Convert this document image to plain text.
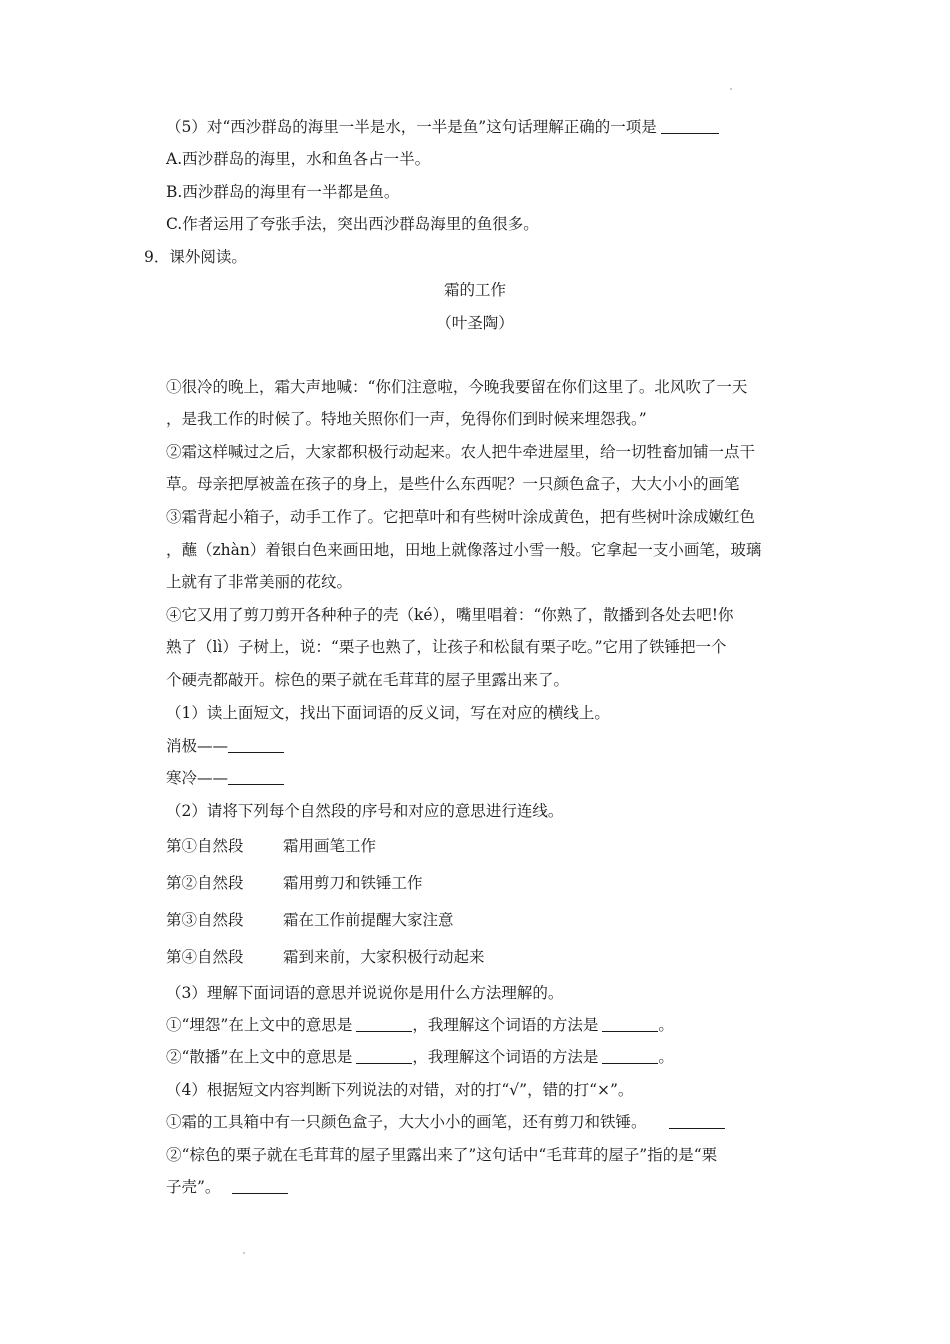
（5）对“西沙群岛的海里一半是水，一半是鱼”这句话理解正确的一项是
A.西沙群岛的海里，水和鱼各占一半。
B.西沙群岛的海里有一半都是鱼。
C.作者运用了夸张手法，突出西沙群岛海里的鱼很多。
9．课外阅读。
霜的工作
（叶圣陶）
①很冷的晚上，霜大声地喊：“你们注意啦，今晚我要留在你们这里了。北风吹了一天
，是我工作的时候了。特地关照你们一声，免得你们到时候来埋怨我。”
②霜这样喊过之后，大家都积极行动起来。农人把牛牵进屋里，给一切牲畜加铺一点干
草。母亲把厚被盖在孩子的身上，是些什么东西呢？一只颜色盒子，大大小小的画笔
③霜背起小箱子，动手工作了。它把草叶和有些树叶涂成黄色，把有些树叶涂成嫩红色
，蘸（zhàn）着银白色来画田地，田地上就像落过小雪一般。它拿起一支小画笔，玻璃
上就有了非常美丽的花纹。
④它又用了剪刀剪开各种种子的壳（ké），嘴里唱着：“你熟了，散播到各处去吧!你
熟了（lì）子树上，说：“栗子也熟了，让孩子和松鼠有栗子吃。”它用了铁锤把一个
个硬壳都敲开。棕色的栗子就在毛茸茸的屋子里露出来了。
（1）读上面短文，找出下面词语的反义词，写在对应的横线上。
消极——
寒冷——
（2）请将下列每个自然段的序号和对应的意思进行连线。
第①自然段	霜用画笔工作
第②自然段	霜用剪刀和铁锤工作
第③自然段	霜在工作前提醒大家注意
第④自然段	霜到来前，大家积极行动起来
（3）理解下面词语的意思并说说你是用什么方法理解的。
①“埋怨”在上文中的意思是	，我理解这个词语的方法是	。
②“散播”在上文中的意思是	，我理解这个词语的方法是	。
（4）根据短文内容判断下列说法的对错，对的打“√”，错的打“×”。
①霜的工具箱中有一只颜色盒子，大大小小的画笔，还有剪刀和铁锤。
②“棕色的栗子就在毛茸茸的屋子里露出来了”这句话中“毛茸茸的屋子”指的是“栗
子壳”。
